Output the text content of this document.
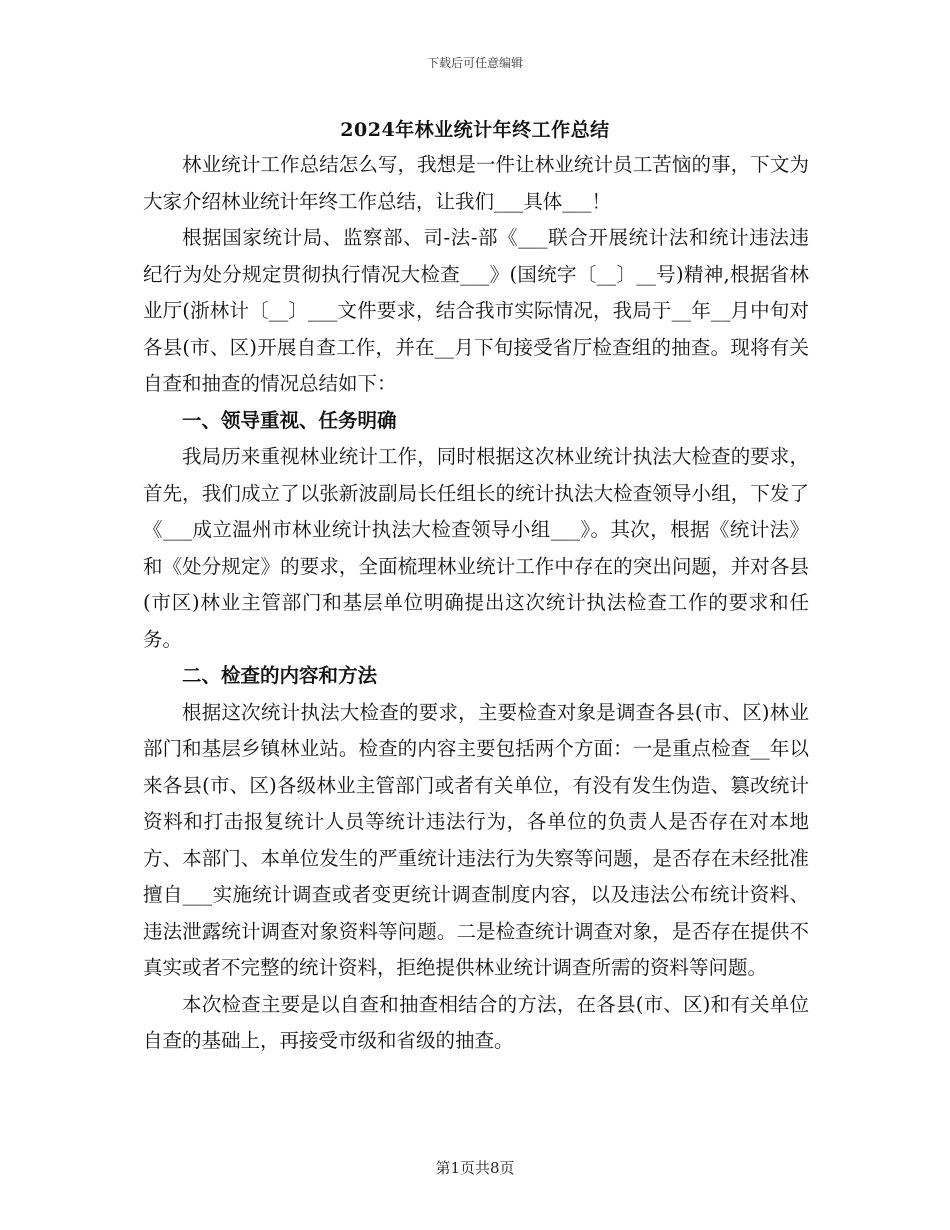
下载后可任意编辑
2024年林业统计年终工作总结

林业统计工作总结怎么写，我想是一件让林业统计员工苦恼的事，下文为大家介绍林业统计年终工作总结，让我们___具体___！

根据国家统计局、监察部、司-法-部《___联合开展统计法和统计违法违纪行为处分规定贯彻执行情况大检查___》(国统字〔__〕__号)精神,根据省林业厅(浙林计〔__〕___文件要求，结合我市实际情况，我局于__年__月中旬对各县(市、区)开展自查工作，并在__月下旬接受省厅检查组的抽查。现将有关自查和抽查的情况总结如下：

一、领导重视、任务明确

我局历来重视林业统计工作，同时根据这次林业统计执法大检查的要求，首先，我们成立了以张新波副局长任组长的统计执法大检查领导小组，下发了《___成立温州市林业统计执法大检查领导小组___》。其次，根据《统计法》和《处分规定》的要求，全面梳理林业统计工作中存在的突出问题，并对各县(市区)林业主管部门和基层单位明确提出这次统计执法检查工作的要求和任务。

二、检查的内容和方法

根据这次统计执法大检查的要求，主要检查对象是调查各县(市、区)林业部门和基层乡镇林业站。检查的内容主要包括两个方面：一是重点检查__年以来各县(市、区)各级林业主管部门或者有关单位，有没有发生伪造、篡改统计资料和打击报复统计人员等统计违法行为，各单位的负责人是否存在对本地方、本部门、本单位发生的严重统计违法行为失察等问题，是否存在未经批准擅自___实施统计调查或者变更统计调查制度内容，以及违法公布统计资料、违法泄露统计调查对象资料等问题。二是检查统计调查对象，是否存在提供不真实或者不完整的统计资料，拒绝提供林业统计调查所需的资料等问题。

本次检查主要是以自查和抽查相结合的方法，在各县(市、区)和有关单位自查的基础上，再接受市级和省级的抽查。

第1页共8页
